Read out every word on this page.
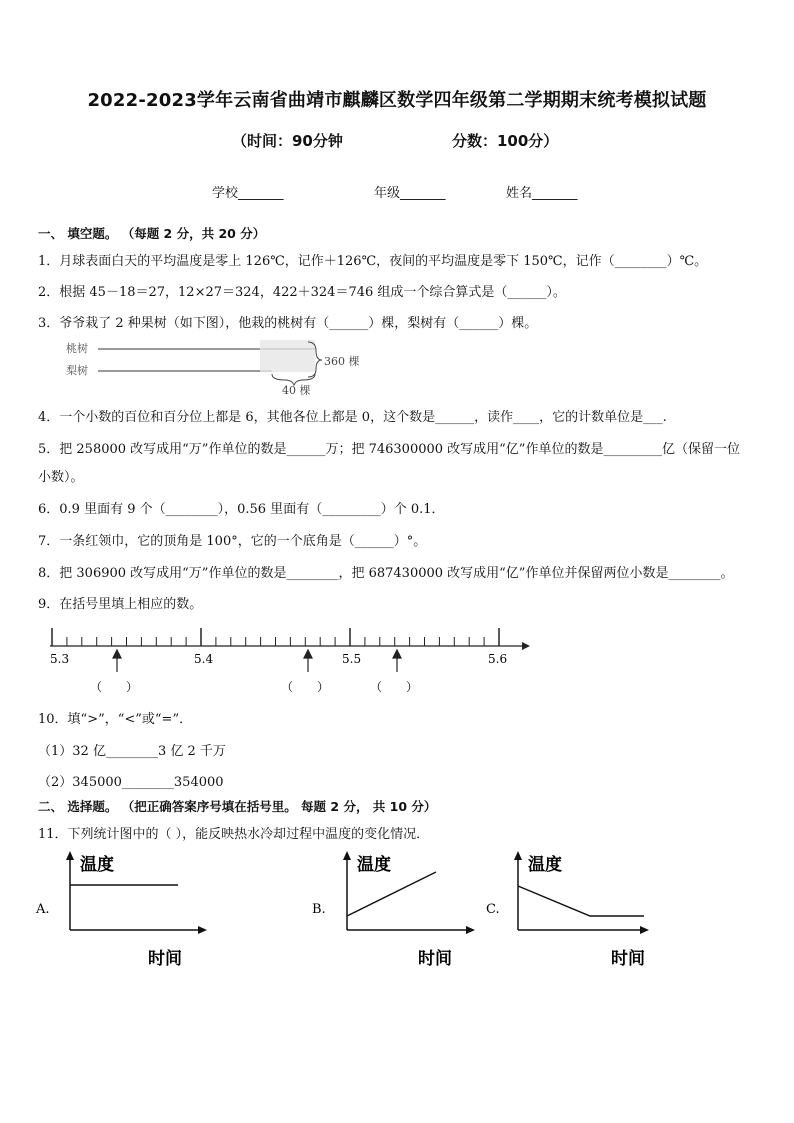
2022-2023学年云南省曲靖市麒麟区数学四年级第二学期期末统考模拟试题
（时间：90分钟	分数：100分）
学校_______	年级_______	姓名_______
一、 填空题。 （每题 2 分，共 20 分）
1．月球表面白天的平均温度是零上 126℃，记作＋126℃，夜间的平均温度是零下 150℃，记作（________）℃。
2．根据 45－18＝27，12×27＝324，422＋324＝746 组成一个综合算式是（______）。
3．爷爷栽了 2 种果树（如下图），他栽的桃树有（______）棵，梨树有（______）棵。
桃树
梨树
360 棵
40 棵
4．一个小数的百位和百分位上都是 6，其他各位上都是 0，这个数是______，读作____，它的计数单位是___.
5．把 258000 改写成用“万”作单位的数是______万；把 746300000 改写成用“亿”作单位的数是_________亿（保留一位
小数）。
6．0.9 里面有 9 个（________），0.56 里面有（_________）个 0.1．
7．一条红领巾，它的顶角是 100°，它的一个底角是（______）°。
8．把 306900 改写成用“万”作单位的数是________，把 687430000 改写成用“亿”作单位并保留两位小数是________。
9．在括号里填上相应的数。
5.3	5.4	5.5	5.6
（　　）	（　　）	（　　）
10．填“>”，“<”或“=”．
（1）32 亿________3 亿 2 千万
（2）345000________354000
二、 选择题。 （把正确答案序号填在括号里。 每题 2 分， 共 10 分）
11．下列统计图中的（ ），能反映热水冷却过程中温度的变化情况．
A.
温度
时间
B.
温度
时间
C.
温度
时间
